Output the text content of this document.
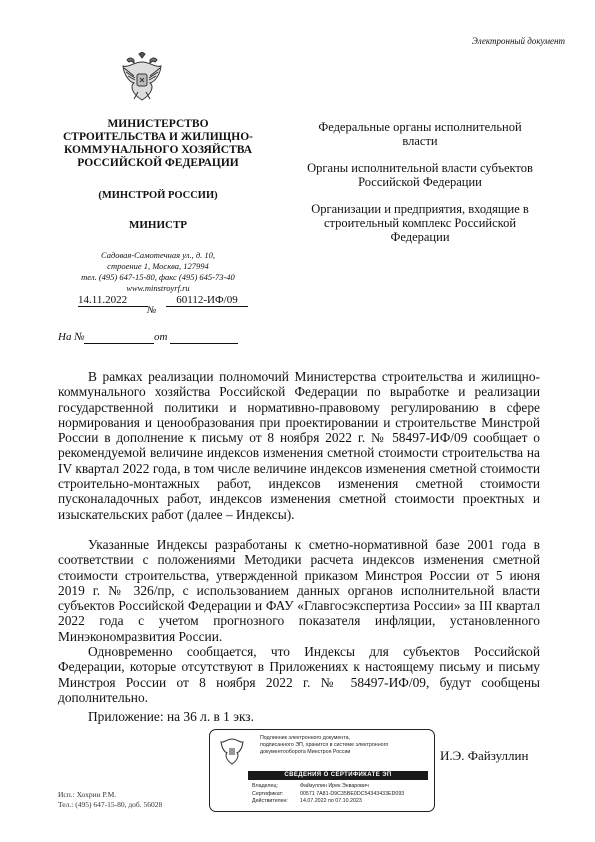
Электронный документ
МИНИСТЕРСТВО СТРОИТЕЛЬСТВА И ЖИЛИЩНО-КОММУНАЛЬНОГО ХОЗЯЙСТВА РОССИЙСКОЙ ФЕДЕРАЦИИ
(МИНСТРОЙ РОССИИ)
МИНИСТР
Садовая-Самотечная ул., д. 10,
строение 1, Москва, 127994
тел. (495) 647-15-80, факс (495) 645-73-40
www.minstroyrf.ru
14.11.2022
№
60112-ИФ/09
На №	от
Федеральные органы исполнительной власти
Органы исполнительной власти субъектов Российской Федерации
Организации и предприятия, входящие в строительный комплекс Российской Федерации

В рамках реализации полномочий Министерства строительства и жилищно-коммунального хозяйства Российской Федерации по выработке и реализации государственной политики и нормативно-правовому регулированию в сфере нормирования и ценообразования при проектировании и строительстве Минстрой России в дополнение к письму от 8 ноября 2022 г. № 58497-ИФ/09 сообщает о рекомендуемой величине индексов изменения сметной стоимости строительства на IV квартал 2022 года, в том числе величине индексов изменения сметной стоимости строительно-монтажных работ, индексов изменения сметной стоимости пусконаладочных работ, индексов изменения сметной стоимости проектных и изыскательских работ (далее – Индексы).

Указанные Индексы разработаны к сметно-нормативной базе 2001 года в соответствии с положениями Методики расчета индексов изменения сметной стоимости строительства, утвержденной приказом Минстроя России от 5 июня 2019 г. № 326/пр, с использованием данных органов исполнительной власти субъектов Российской Федерации и ФАУ «Главгосэкспертиза России» за III квартал 2022 года с учетом прогнозного показателя инфляции, установленного Минэкономразвития России.

Одновременно сообщается, что Индексы для субъектов Российской Федерации, которые отсутствуют в Приложениях к настоящему письму и письму Минстроя России от 8 ноября 2022 г. № 58497-ИФ/09, будут сообщены дополнительно.

Приложение: на 36 л. в 1 экз.
Подлинник электронного документа,
подписанного ЭП, хранится в системе электронного
документооборота Минстроя России
СВЕДЕНИЯ О СЕРТИФИКАТЕ ЭП
Владелец:	Файзуллин Ирек Энварович
Сертификат:	00571 7A81-D9C35BE0DC54343433ED093
Действителен: 14.07.2022 по 07.10.2023
И.Э. Файзуллин
Исп.: Хохрин Р.М.
Тел.: (495) 647-15-80, доб. 56028
